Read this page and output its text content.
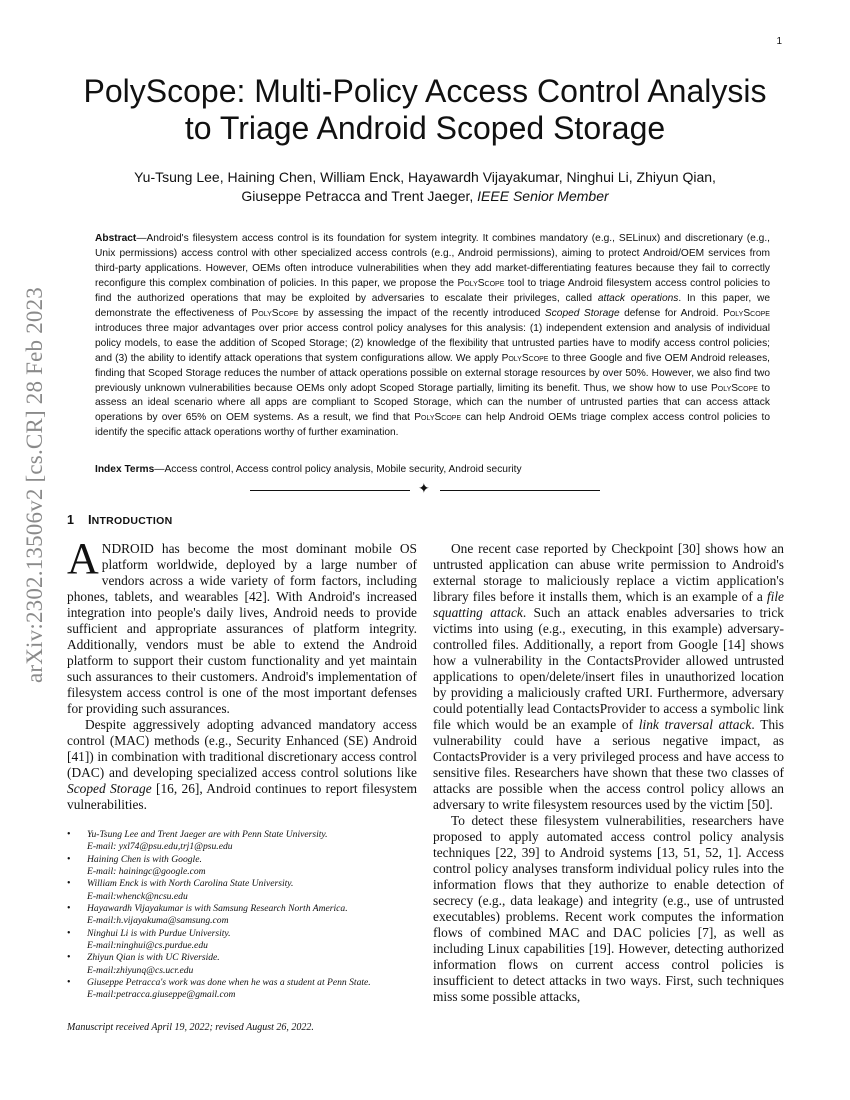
1
arXiv:2302.13506v2 [cs.CR] 28 Feb 2023
PolyScope: Multi-Policy Access Control Analysis
to Triage Android Scoped Storage
Yu-Tsung Lee, Haining Chen, William Enck, Hayawardh Vijayakumar, Ninghui Li, Zhiyun Qian,
Giuseppe Petracca and Trent Jaeger, IEEE Senior Member

Abstract—Android's filesystem access control is its foundation for system integrity. It combines mandatory (e.g., SELinux) and discretionary (e.g., Unix permissions) access control with other specialized access controls (e.g., Android permissions), aiming to protect Android/OEM services from third-party applications. However, OEMs often introduce vulnerabilities when they add market-differentiating features because they fail to correctly reconfigure this complex combination of policies. In this paper, we propose the PolyScope tool to triage Android filesystem access control policies to find the authorized operations that may be exploited by adversaries to escalate their privileges, called attack operations. In this paper, we demonstrate the effectiveness of PolyScope by assessing the impact of the recently introduced Scoped Storage defense for Android. PolyScope introduces three major advantages over prior access control policy analyses for this analysis: (1) independent extension and analysis of individual policy models, to ease the addition of Scoped Storage; (2) knowledge of the flexibility that untrusted parties have to modify access control policies; and (3) the ability to identify attack operations that system configurations allow. We apply PolyScope to three Google and five OEM Android releases, finding that Scoped Storage reduces the number of attack operations possible on external storage resources by over 50%. However, we also find two previously unknown vulnerabilities because OEMs only adopt Scoped Storage partially, limiting its benefit. Thus, we show how to use PolyScope to assess an ideal scenario where all apps are compliant to Scoped Storage, which can the number of untrusted parties that can access attack operations by over 65% on OEM systems. As a result, we find that PolyScope can help Android OEMs triage complex access control policies to identify the specific attack operations worthy of further examination.

Index Terms—Access control, Access control policy analysis, Mobile security, Android security
✦
1 INTRODUCTION

ANDROID has become the most dominant mobile OS platform worldwide, deployed by a large number of vendors across a wide variety of form factors, including phones, tablets, and wearables [42]. With Android's increased integration into people's daily lives, Android needs to provide sufficient and appropriate assurances of platform integrity. Additionally, vendors must be able to extend the Android platform to support their custom functionality and yet maintain such assurances to their customers. Android's implementation of filesystem access control is one of the most important defenses for providing such assurances.

Despite aggressively adopting advanced mandatory access control (MAC) methods (e.g., Security Enhanced (SE) Android [41]) in combination with traditional discretionary access control (DAC) and developing specialized access control solutions like Scoped Storage [16, 26], Android continues to report filesystem vulnerabilities.

One recent case reported by Checkpoint [30] shows how an untrusted application can abuse write permission to Android's external storage to maliciously replace a victim application's library files before it installs them, which is an example of a file squatting attack. Such an attack enables adversaries to trick victims into using (e.g., executing, in this example) adversary-controlled files. Additionally, a report from Google [14] shows how a vulnerability in the ContactsProvider allowed untrusted applications to open/delete/insert files in unauthorized location by providing a maliciously crafted URI. Furthermore, adversary could potentially lead ContactsProvider to access a symbolic link file which would be an example of link traversal attack. This vulnerability could have a serious negative impact, as ContactsProvider is a very privileged process and have access to sensitive files. Researchers have shown that these two classes of attacks are possible when the access control policy allows an adversary to write filesystem resources used by the victim [50].

To detect these filesystem vulnerabilities, researchers have proposed to apply automated access control policy analysis techniques [22, 39] to Android systems [13, 51, 52, 1]. Access control policy analyses transform individual policy rules into the information flows that they authorize to enable detection of secrecy (e.g., data leakage) and integrity (e.g., use of untrusted executables) problems. Recent work computes the information flows of combined MAC and DAC policies [7], as well as including Linux capabilities [19]. However, detecting authorized information flows on current access control policies is insufficient to detect attacks in two ways. First, such techniques miss some possible attacks,

• Yu-Tsung Lee and Trent Jaeger are with Penn State University.
E-mail: yxl74@psu.edu,trj1@psu.edu
• Haining Chen is with Google.
E-mail: hainingc@google.com
• William Enck is with North Carolina State University.
E-mail:whenck@ncsu.edu
• Hayawardh Vijayakumar is with Samsung Research North America.
E-mail:h.vijayakuma@samsung.com
• Ninghui Li is with Purdue University.
E-mail:ninghui@cs.purdue.edu
• Zhiyun Qian is with UC Riverside.
E-mail:zhiyunq@cs.ucr.edu
• Giuseppe Petracca's work was done when he was a student at Penn State.
E-mail:petracca.giuseppe@gmail.com
Manuscript received April 19, 2022; revised August 26, 2022.
